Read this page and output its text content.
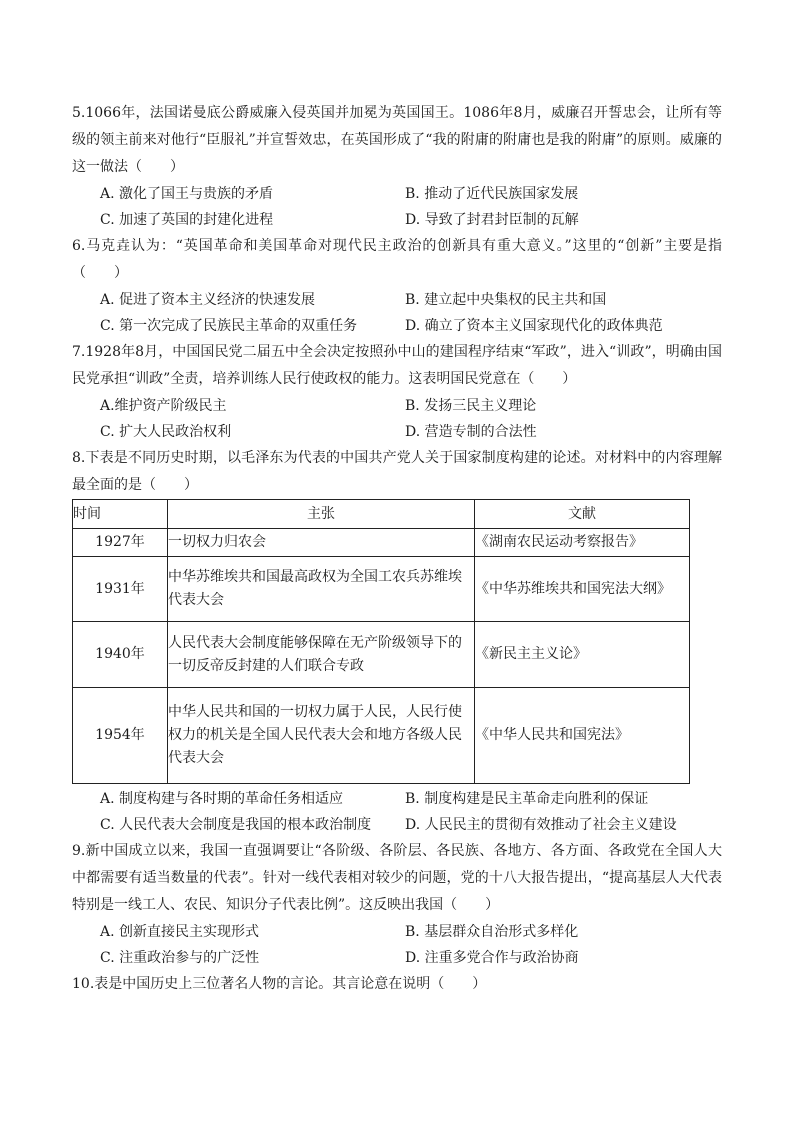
5.1066年，法国诺曼底公爵威廉入侵英国并加冕为英国国王。1086年8月，威廉召开誓忠会，让所有等级的领主前来对他行“臣服礼”并宣誓效忠，在英国形成了“我的附庸的附庸也是我的附庸”的原则。威廉的这一做法（　　）

A. 激化了国王与贵族的矛盾	B. 推动了近代民族国家发展
C. 加速了英国的封建化进程	D. 导致了封君封臣制的瓦解

6.马克垚认为：“英国革命和美国革命对现代民主政治的创新具有重大意义。”这里的“创新”主要是指（　　）

A. 促进了资本主义经济的快速发展	B. 建立起中央集权的民主共和国
C. 第一次完成了民族民主革命的双重任务	D. 确立了资本主义国家现代化的政体典范

7.1928年8月，中国国民党二届五中全会决定按照孙中山的建国程序结束“军政”，进入“训政”，明确由国民党承担“训政”全责，培养训练人民行使政权的能力。这表明国民党意在（　　）

A.维护资产阶级民主	B. 发扬三民主义理论
C. 扩大人民政治权利	D. 营造专制的合法性

8.下表是不同历史时期，以毛泽东为代表的中国共产党人关于国家制度构建的论述。对材料中的内容理解最全面的是（　　）

时间	主张	文献
1927年	一切权力归农会	《湖南农民运动考察报告》
1931年	中华苏维埃共和国最高政权为全国工农兵苏维埃代表大会	《中华苏维埃共和国宪法大纲》
1940年	人民代表大会制度能够保障在无产阶级领导下的一切反帝反封建的人们联合专政	《新民主主义论》
1954年	中华人民共和国的一切权力属于人民，人民行使权力的机关是全国人民代表大会和地方各级人民代表大会	《中华人民共和国宪法》
A. 制度构建与各时期的革命任务相适应	B. 制度构建是民主革命走向胜利的保证
C. 人民代表大会制度是我国的根本政治制度	D. 人民民主的贯彻有效推动了社会主义建设

9.新中国成立以来，我国一直强调要让“各阶级、各阶层、各民族、各地方、各方面、各政党在全国人大中都需要有适当数量的代表”。针对一线代表相对较少的问题，党的十八大报告提出，“提高基层人大代表特别是一线工人、农民、知识分子代表比例”。这反映出我国（　　）

A. 创新直接民主实现形式	B. 基层群众自治形式多样化
C. 注重政治参与的广泛性	D. 注重多党合作与政治协商

10.表是中国历史上三位著名人物的言论。其言论意在说明（　　）
